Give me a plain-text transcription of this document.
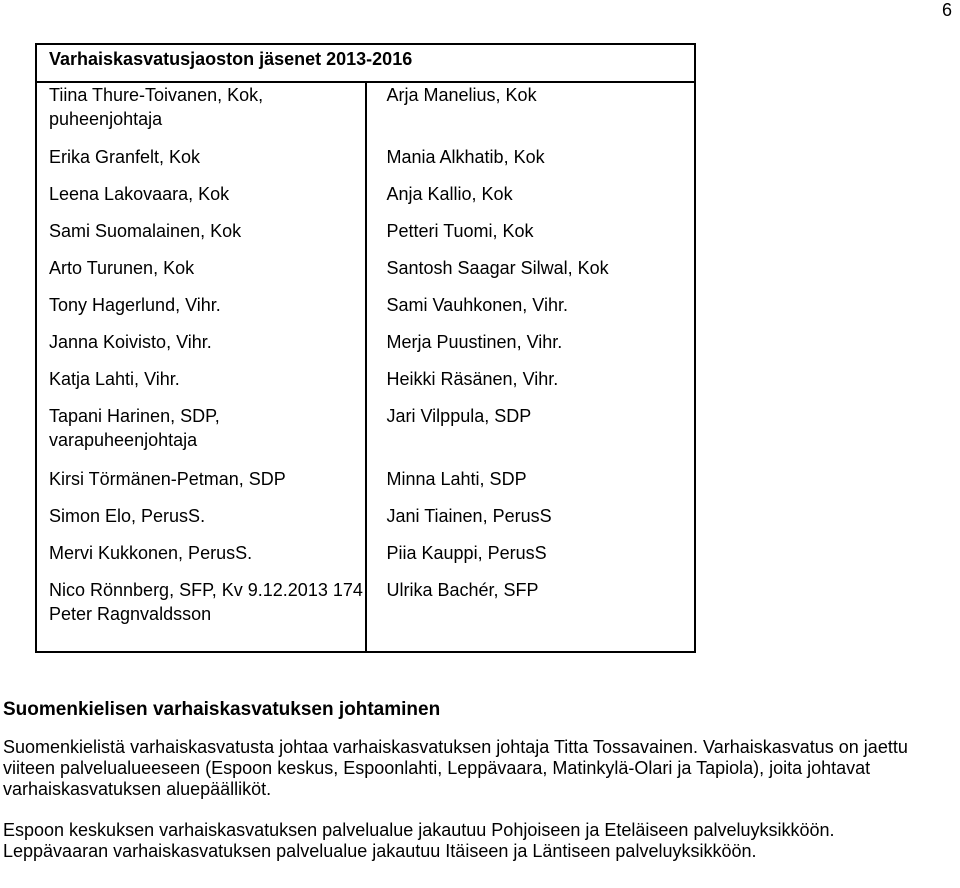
6
Varhaiskasvatusjaoston jäsenet 2013-2016	
Tiina Thure-Toivanen, Kok, puheenjohtaja	Arja Manelius, Kok
Erika Granfelt, Kok	Mania Alkhatib, Kok
Leena Lakovaara, Kok	Anja Kallio, Kok
Sami Suomalainen, Kok	Petteri Tuomi, Kok
Arto Turunen, Kok	Santosh Saagar Silwal, Kok
Tony Hagerlund, Vihr.	Sami Vauhkonen, Vihr.
Janna Koivisto, Vihr.	Merja Puustinen, Vihr.
Katja Lahti, Vihr.	Heikki Räsänen, Vihr.
Tapani Harinen, SDP, varapuheenjohtaja	Jari Vilppula, SDP
Kirsi Törmänen-Petman, SDP	Minna Lahti, SDP
Simon Elo, PerusS.	Jani Tiainen, PerusS
Mervi Kukkonen, PerusS.	Piia Kauppi, PerusS
Nico Rönnberg, SFP, Kv 9.12.2013 174 Peter Ragnvaldsson	Ulrika Bachér, SFP
Suomenkielisen varhaiskasvatuksen johtaminen
Suomenkielistä varhaiskasvatusta johtaa varhaiskasvatuksen johtaja Titta Tossavainen. Varhaiskasvatus on jaettu viiteen palvelualueeseen (Espoon keskus, Espoonlahti, Leppävaara, Matinkylä-Olari ja Tapiola), joita johtavat varhaiskasvatuksen aluepäälliköt.
Espoon keskuksen varhaiskasvatuksen palvelualue jakautuu Pohjoiseen ja Eteläiseen palveluyksikköön. Leppävaaran varhaiskasvatuksen palvelualue jakautuu Itäiseen ja Läntiseen palveluyksikköön.
